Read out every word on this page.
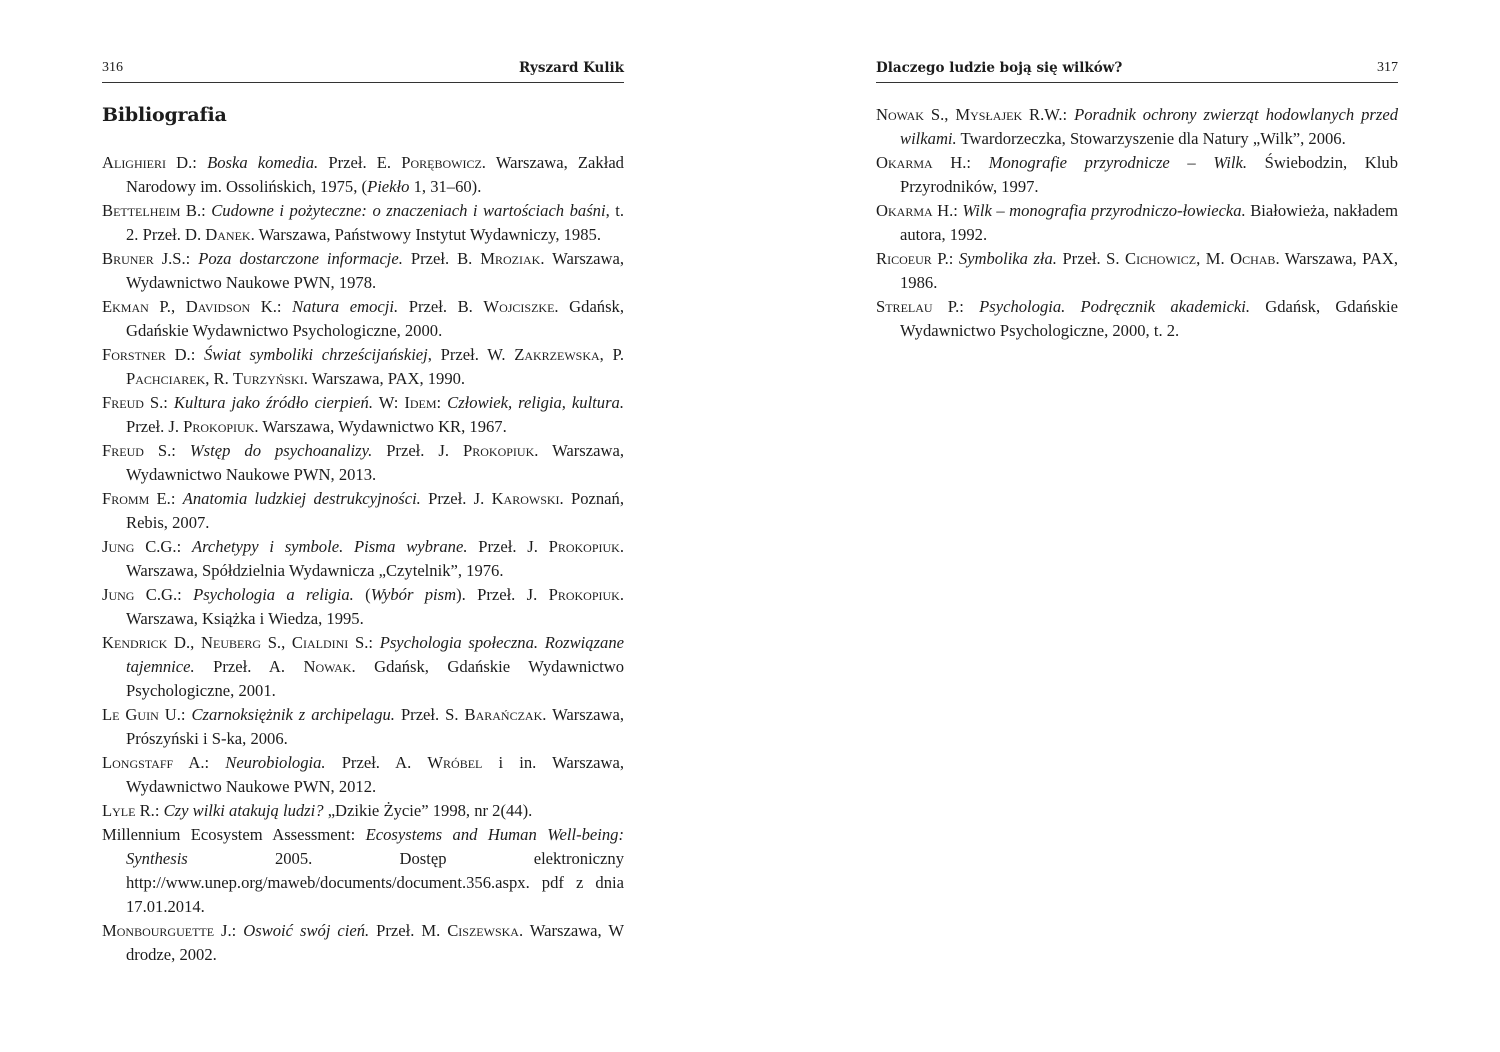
316	Ryszard Kulik
Bibliografia

Alighieri D.: Boska komedia. Przeł. E. Porębowicz. Warszawa, Zakład Narodowy im. Ossolińskich, 1975, (Piekło 1, 31–60).

Bettelheim B.: Cudowne i pożyteczne: o znaczeniach i wartościach baśni, t. 2. Przeł. D. Danek. Warszawa, Państwowy Instytut Wydawniczy, 1985.

Bruner J.S.: Poza dostarczone informacje. Przeł. B. Mroziak. Warszawa, Wydawnictwo Naukowe PWN, 1978.

Ekman P., Davidson K.: Natura emocji. Przeł. B. Wojciszke. Gdańsk, Gdańskie Wydawnictwo Psychologiczne, 2000.

Forstner D.: Świat symboliki chrześcijańskiej, Przeł. W. Zakrzewska, P. Pachciarek, R. Turzyński. Warszawa, PAX, 1990.

Freud S.: Kultura jako źródło cierpień. W: Idem: Człowiek, religia, kultura. Przeł. J. Prokopiuk. Warszawa, Wydawnictwo KR, 1967.

Freud S.: Wstęp do psychoanalizy. Przeł. J. Prokopiuk. Warszawa, Wydawnictwo Naukowe PWN, 2013.

Fromm E.: Anatomia ludzkiej destrukcyjności. Przeł. J. Karowski. Poznań, Rebis, 2007.

Jung C.G.: Archetypy i symbole. Pisma wybrane. Przeł. J. Prokopiuk. Warszawa, Spółdzielnia Wydawnicza „Czytelnik”, 1976.

Jung C.G.: Psychologia a religia. (Wybór pism). Przeł. J. Prokopiuk. Warszawa, Książka i Wiedza, 1995.

Kendrick D., Neuberg S., Cialdini S.: Psychologia społeczna. Rozwiązane tajemnice. Przeł. A. Nowak. Gdańsk, Gdańskie Wydawnictwo Psychologiczne, 2001.

Le Guin U.: Czarnoksiężnik z archipelagu. Przeł. S. Barańczak. Warszawa, Prószyński i S-ka, 2006.

Longstaff A.: Neurobiologia. Przeł. A. Wróbel i in. Warszawa, Wydawnictwo Naukowe PWN, 2012.

Lyle R.: Czy wilki atakują ludzi? „Dzikie Życie” 1998, nr 2(44).

Millennium Ecosystem Assessment: Ecosystems and Human Well-being: Synthesis 2005. Dostęp elektroniczny http://www.unep.org/maweb/documents/document.356.aspx. pdf z dnia 17.01.2014.

Monbourguette J.: Oswoić swój cień. Przeł. M. Ciszewska. Warszawa, W drodze, 2002.

317
Dlaczego ludzie boją się wilków?

Nowak S., Mysłajek R.W.: Poradnik ochrony zwierząt hodowlanych przed wilkami. Twardorzeczka, Stowarzyszenie dla Natury „Wilk”, 2006.

Okarma H.: Monografie przyrodnicze – Wilk. Świebodzin, Klub Przyrodników, 1997.

Okarma H.: Wilk – monografia przyrodniczo-łowiecka. Białowieża, nakładem autora, 1992.

Ricoeur P.: Symbolika zła. Przeł. S. Cichowicz, M. Ochab. Warszawa, PAX, 1986.

Strelau P.: Psychologia. Podręcznik akademicki. Gdańsk, Gdańskie Wydawnictwo Psychologiczne, 2000, t. 2.
